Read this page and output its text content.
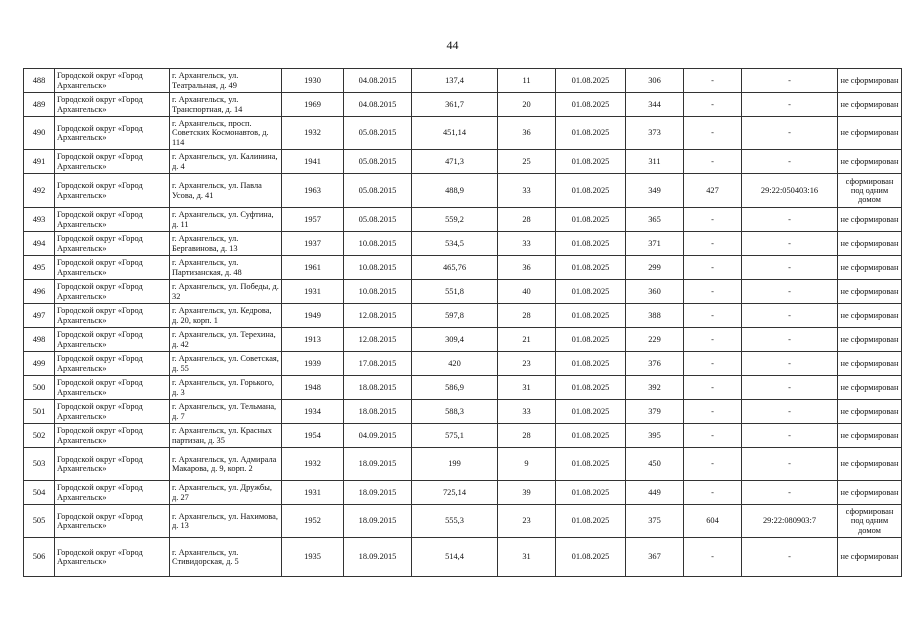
44
488	Городской округ «Город Архангельск»	г. Архангельск, ул. Театральная, д. 49	1930	04.08.2015	137,4	11	01.08.2025	306	-	-	не сформирован
489	Городской округ «Город Архангельск»	г. Архангельск, ул. Транспортная, д. 14	1969	04.08.2015	361,7	20	01.08.2025	344	-	-	не сформирован
490	Городской округ «Город Архангельск»	г. Архангельск, просп. Советских Космонавтов, д. 114	1932	05.08.2015	451,14	36	01.08.2025	373	-	-	не сформирован
491	Городской округ «Город Архангельск»	г. Архангельск, ул. Калинина, д. 4	1941	05.08.2015	471,3	25	01.08.2025	311	-	-	не сформирован
492	Городской округ «Город Архангельск»	г. Архангельск, ул. Павла Усова, д. 41	1963	05.08.2015	488,9	33	01.08.2025	349	427	29:22:050403:16	сформирован под одним домом
493	Городской округ «Город Архангельск»	г. Архангельск, ул. Суфтина, д. 11	1957	05.08.2015	559,2	28	01.08.2025	365	-	-	не сформирован
494	Городской округ «Город Архангельск»	г. Архангельск, ул. Бергавинова, д. 13	1937	10.08.2015	534,5	33	01.08.2025	371	-	-	не сформирован
495	Городской округ «Город Архангельск»	г. Архангельск, ул. Партизанская, д. 48	1961	10.08.2015	465,76	36	01.08.2025	299	-	-	не сформирован
496	Городской округ «Город Архангельск»	г. Архангельск, ул. Победы, д. 32	1931	10.08.2015	551,8	40	01.08.2025	360	-	-	не сформирован
497	Городской округ «Город Архангельск»	г. Архангельск, ул. Кедрова, д. 20, корп. 1	1949	12.08.2015	597,8	28	01.08.2025	388	-	-	не сформирован
498	Городской округ «Город Архангельск»	г. Архангельск, ул. Терехина, д. 42	1913	12.08.2015	309,4	21	01.08.2025	229	-	-	не сформирован
499	Городской округ «Город Архангельск»	г. Архангельск, ул. Советская, д. 55	1939	17.08.2015	420	23	01.08.2025	376	-	-	не сформирован
500	Городской округ «Город Архангельск»	г. Архангельск, ул. Горького, д. 3	1948	18.08.2015	586,9	31	01.08.2025	392	-	-	не сформирован
501	Городской округ «Город Архангельск»	г. Архангельск, ул. Тельмана, д. 7	1934	18.08.2015	588,3	33	01.08.2025	379	-	-	не сформирован
502	Городской округ «Город Архангельск»	г. Архангельск, ул. Красных партизан, д. 35	1954	04.09.2015	575,1	28	01.08.2025	395	-	-	не сформирован
503	Городской округ «Город Архангельск»	г. Архангельск, ул. Адмирала Макарова, д. 9, корп. 2	1932	18.09.2015	199	9	01.08.2025	450	-	-	не сформирован
504	Городской округ «Город Архангельск»	г. Архангельск, ул. Дружбы, д. 27	1931	18.09.2015	725,14	39	01.08.2025	449	-	-	не сформирован
505	Городской округ «Город Архангельск»	г. Архангельск, ул. Нахимова, д. 13	1952	18.09.2015	555,3	23	01.08.2025	375	604	29:22:080903:7	сформирован под одним домом
506	Городской округ «Город Архангельск»	г. Архангельск, ул. Стивидорская, д. 5	1935	18.09.2015	514,4	31	01.08.2025	367	-	-	не сформирован
